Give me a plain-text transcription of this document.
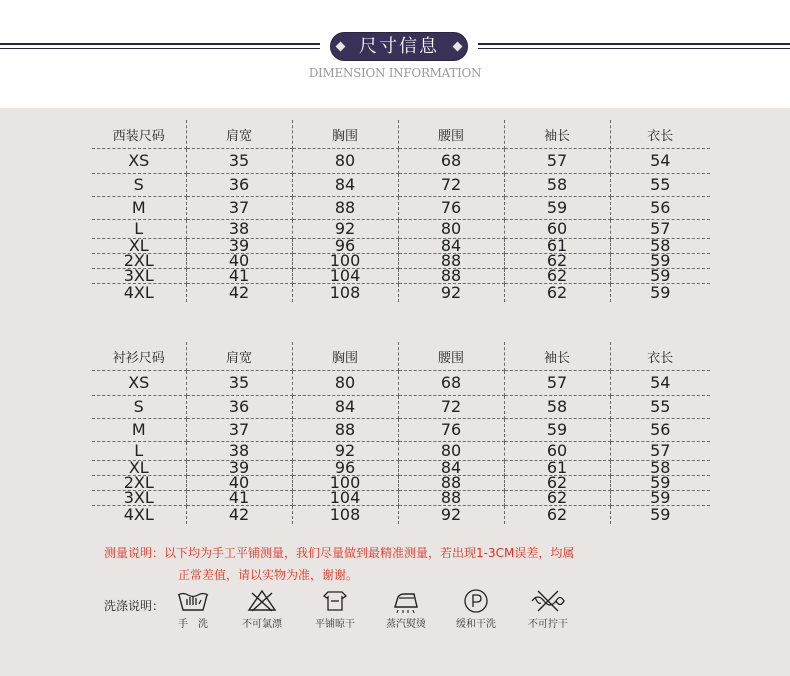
尺寸信息
DIMENSION INFORMATION
西装尺码	肩宽	胸围	腰围	袖长	衣长
XS	35	80	68	57	54
S	36	84	72	58	55
M	37	88	76	59	56
L	38	92	80	60	57
XL	39	96	84	61	58
2XL	40	100	88	62	59
3XL	41	104	88	62	59
4XL	42	108	92	62	59
衬衫尺码	肩宽	胸围	腰围	袖长	衣长
XS	35	80	68	57	54
S	36	84	72	58	55
M	37	88	76	59	56
L	38	92	80	60	57
XL	39	96	84	61	58
2XL	40	100	88	62	59
3XL	41	104	88	62	59
4XL	42	108	92	62	59
测量说明：以下均为手工平铺测量，我们尽量做到最精准测量，若出现1-3CM误差，均属
正常差值，请以实物为准，谢谢。
洗涤说明：
手　洗	不可氯漂	平铺晾干	蒸汽熨烫	缓和干洗	不可拧干
